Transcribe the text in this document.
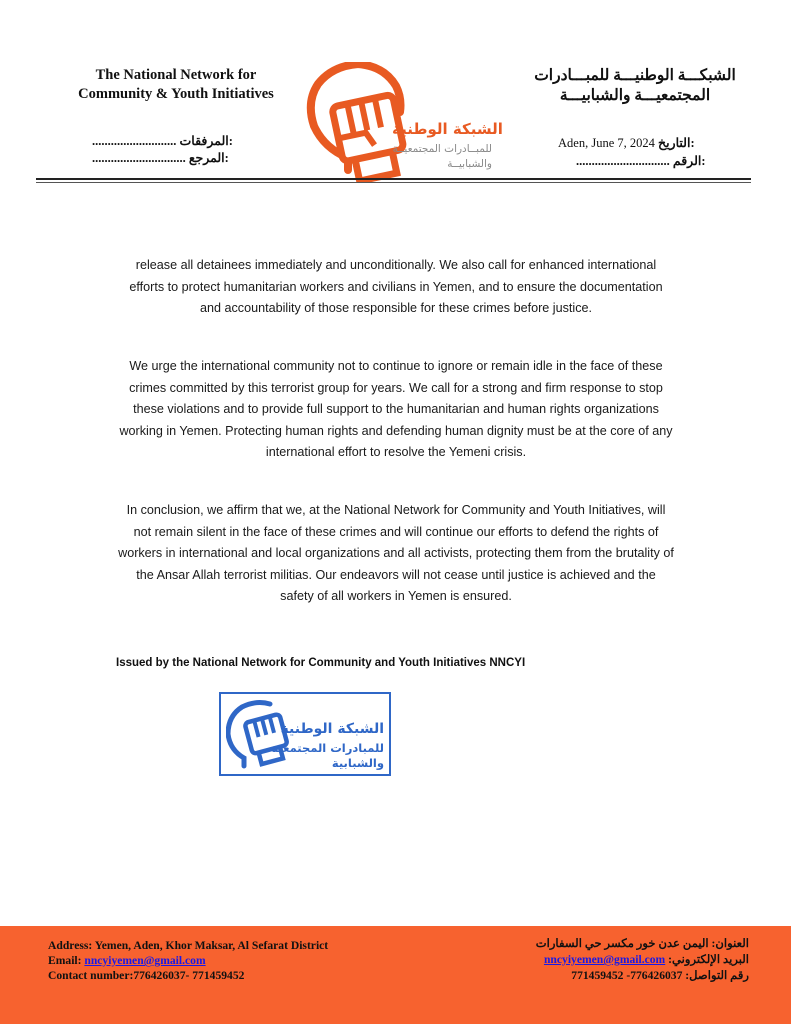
The National Network for
Community & Youth Initiatives
الشبكـــة الوطنيـــة للمبـــادرات
المجتمعيـــة والشبابيـــة
........................... المرفقات:
.............................. المرجع:
Aden, June 7, 2024 التاريخ:
.............................. الرقم:
الشبكة الوطنية
للمبــادرات المجتمعيــة
والشبابيــة
release all detainees immediately and unconditionally. We also call for enhanced international efforts to protect humanitarian workers and civilians in Yemen, and to ensure the documentation and accountability of those responsible for these crimes before justice.
We urge the international community not to continue to ignore or remain idle in the face of these crimes committed by this terrorist group for years. We call for a strong and firm response to stop these violations and to provide full support to the humanitarian and human rights organizations working in Yemen. Protecting human rights and defending human dignity must be at the core of any international effort to resolve the Yemeni crisis.
In conclusion, we affirm that we, at the National Network for Community and Youth Initiatives, will not remain silent in the face of these crimes and will continue our efforts to defend the rights of workers in international and local organizations and all activists, protecting them from the brutality of the Ansar Allah terrorist militias. Our endeavors will not cease until justice is achieved and the safety of all workers in Yemen is ensured.
Issued by the National Network for Community and Youth Initiatives NNCYI
الشبكة الوطنية
للمبادرات المجتمعية
والشبابية
Address: Yemen, Aden, Khor Maksar, Al Sefarat District
Email: nncyiyemen@gmail.com
Contact number:776426037- 771459452
العنوان: اليمن عدن خور مكسر حي السفارات
البريد الإلكتروني: nncyiyemen@gmail.com
رقم التواصل: 776426037- 771459452
